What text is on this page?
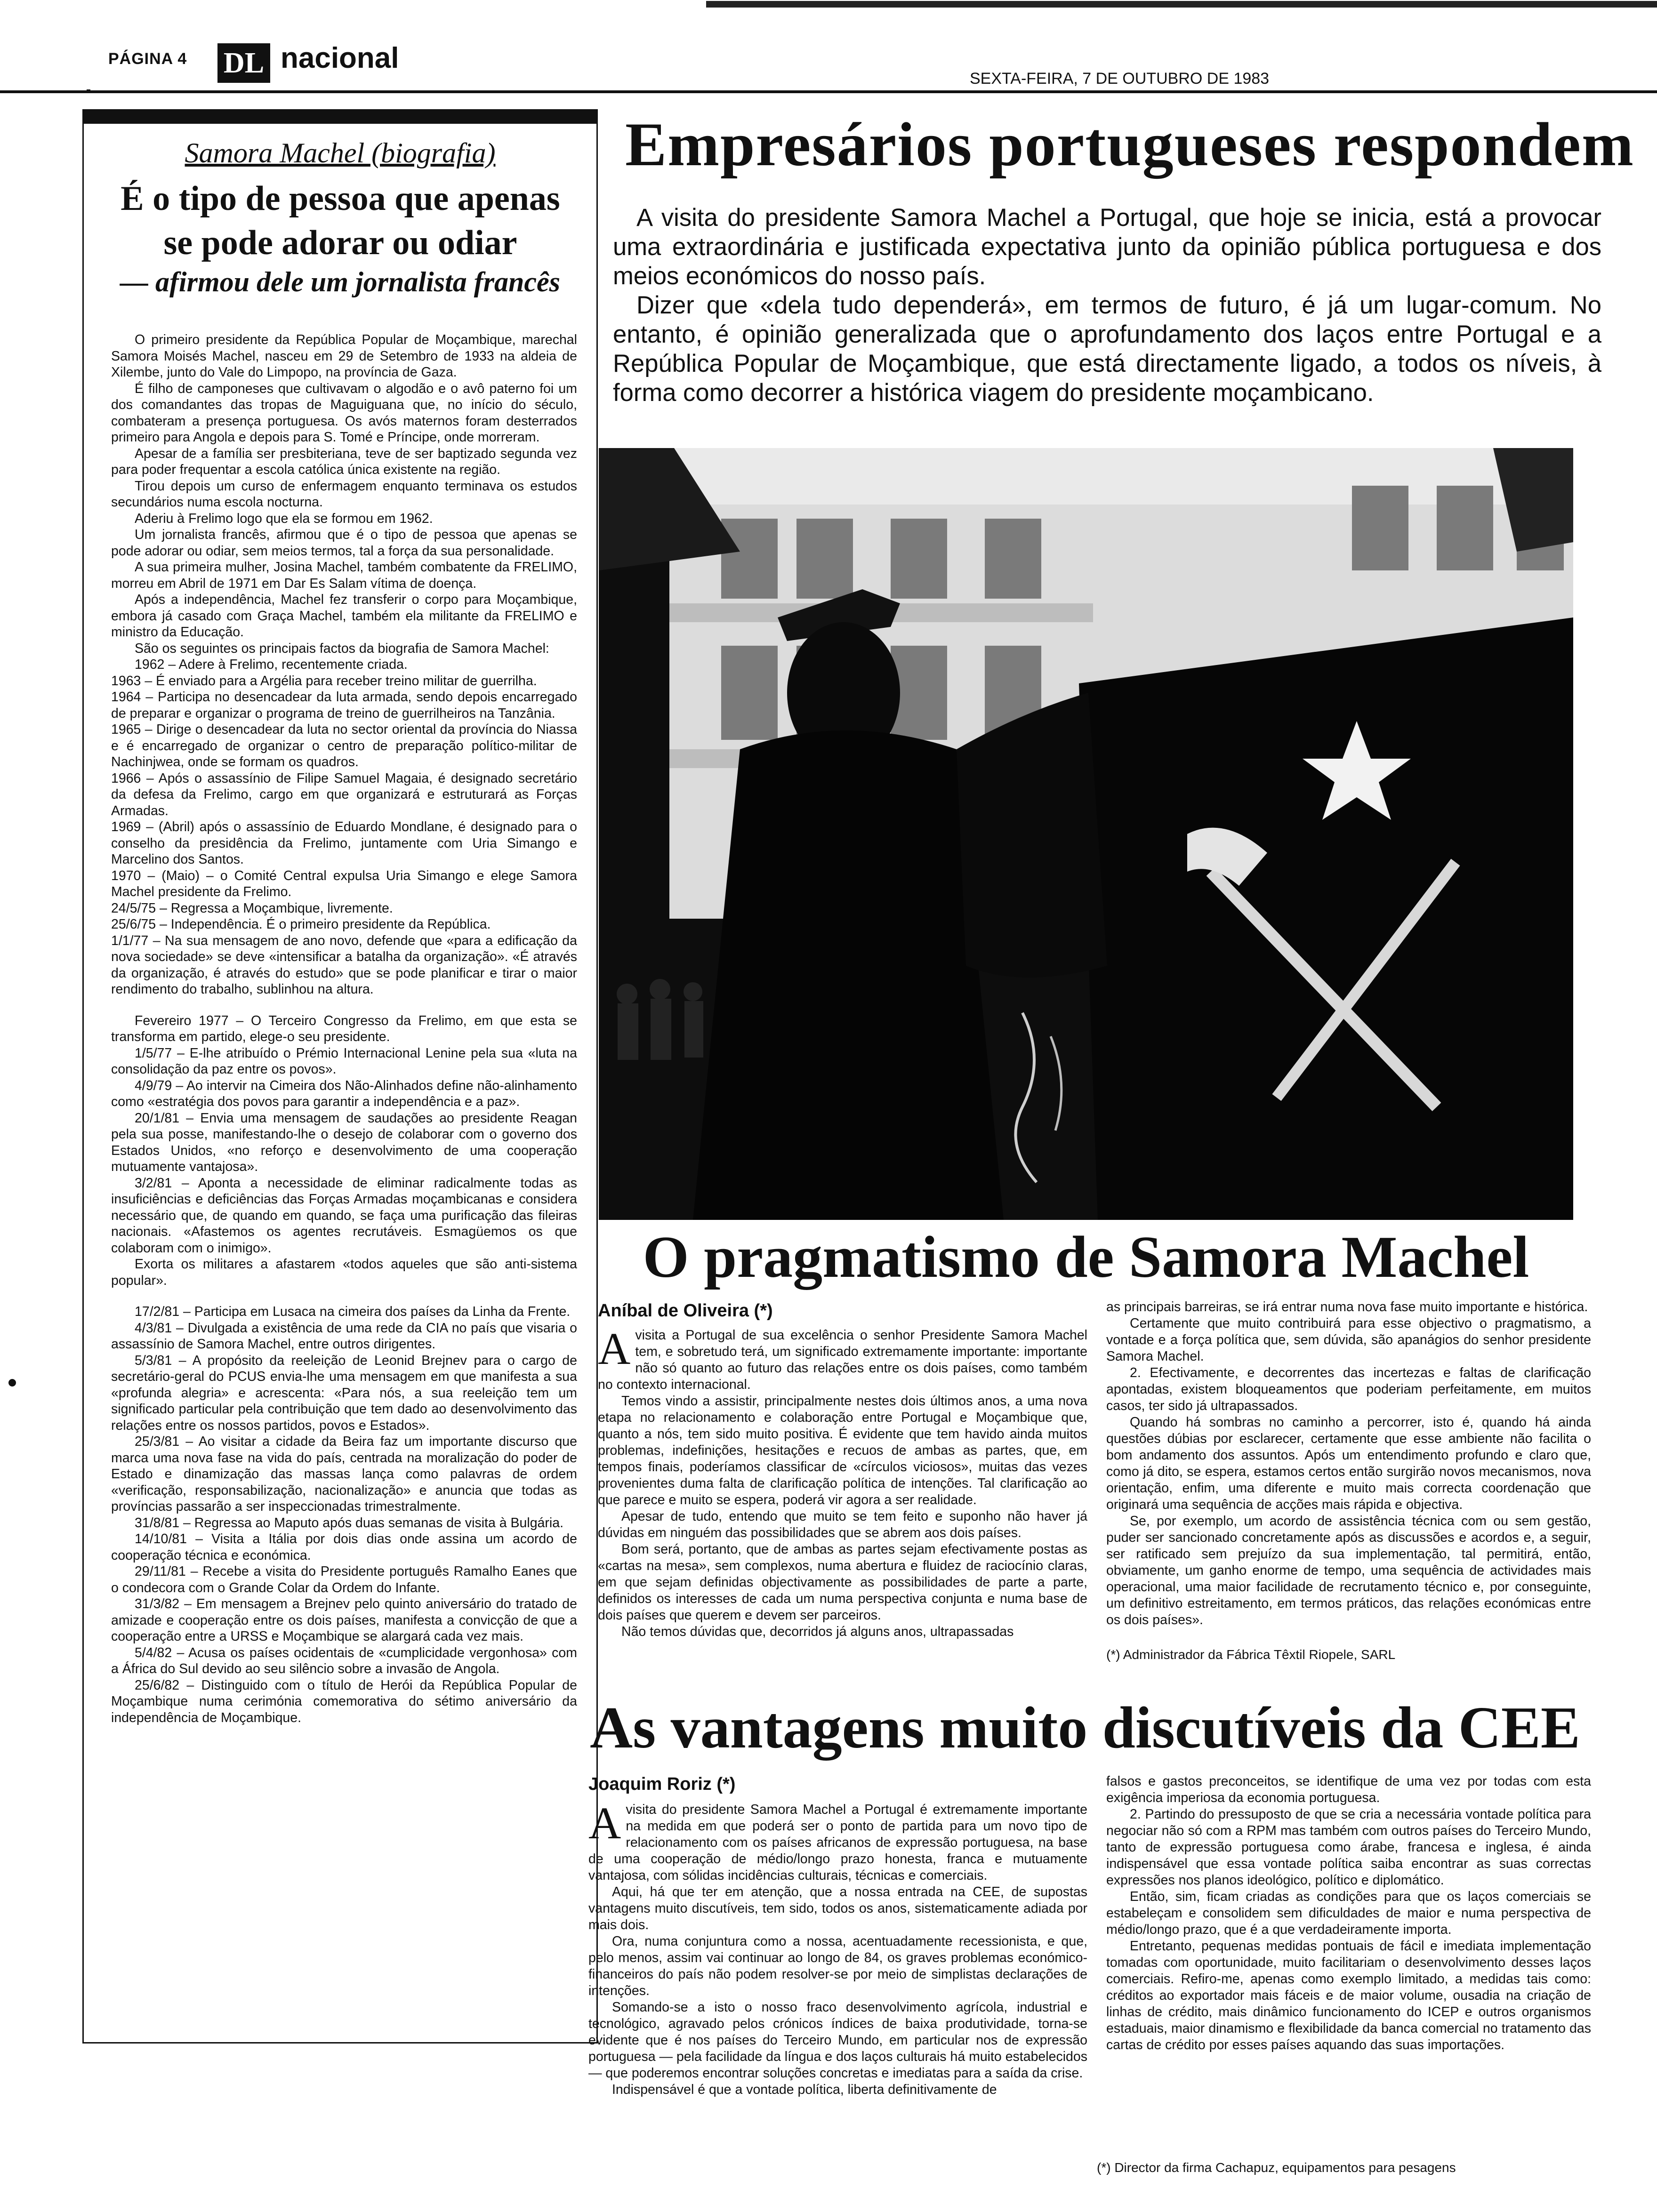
PÁGINA 4 DL nacional
SEXTA-FEIRA, 7 DE OUTUBRO DE 1983
Samora Machel (biografia)
É o tipo de pessoa que apenas se pode adorar ou odiar
— afirmou dele um jornalista francês

O primeiro presidente da República Popular de Moçambique, marechal Samora Moisés Machel, nasceu em 29 de Setembro de 1933 na aldeia de Xilembe, junto do Vale do Limpopo, na província de Gaza.

É filho de camponeses que cultivavam o algodão e o avô paterno foi um dos comandantes das tropas de Maguiguana que, no início do século, combateram a presença portuguesa. Os avós maternos foram desterrados primeiro para Angola e depois para S. Tomé e Príncipe, onde morreram.

Apesar de a família ser presbiteriana, teve de ser baptizado segunda vez para poder frequentar a escola católica única existente na região.

Tirou depois um curso de enfermagem enquanto terminava os estudos secundários numa escola nocturna.

Aderiu à Frelimo logo que ela se formou em 1962.

Um jornalista francês, afirmou que é o tipo de pessoa que apenas se pode adorar ou odiar, sem meios termos, tal a força da sua personalidade.

A sua primeira mulher, Josina Machel, também combatente da FRELIMO, morreu em Abril de 1971 em Dar Es Salam vítima de doença.

Após a independência, Machel fez transferir o corpo para Moçambique, embora já casado com Graça Machel, também ela militante da FRELIMO e ministro da Educação.

São os seguintes os principais factos da biografia de Samora Machel:

1962 – Adere à Frelimo, recentemente criada.

1963 – É enviado para a Argélia para receber treino militar de guerrilha.

1964 – Participa no desencadear da luta armada, sendo depois encarregado de preparar e organizar o programa de treino de guerrilheiros na Tanzânia.

1965 – Dirige o desencadear da luta no sector oriental da província do Niassa e é encarregado de organizar o centro de preparação político-militar de Nachinjwea, onde se formam os quadros.

1966 – Após o assassínio de Filipe Samuel Magaia, é designado secretário da defesa da Frelimo, cargo em que organizará e estruturará as Forças Armadas.

1969 – (Abril) após o assassínio de Eduardo Mondlane, é designado para o conselho da presidência da Frelimo, juntamente com Uria Simango e Marcelino dos Santos.

1970 – (Maio) – o Comité Central expulsa Uria Simango e elege Samora Machel presidente da Frelimo.

24/5/75 – Regressa a Moçambique, livremente.

25/6/75 – Independência. É o primeiro presidente da República.

1/1/77 – Na sua mensagem de ano novo, defende que «para a edificação da nova sociedade» se deve «intensificar a batalha da organização». «É através da organização, é através do estudo» que se pode planificar e tirar o maior rendimento do trabalho, sublinhou na altura.

Fevereiro 1977 – O Terceiro Congresso da Frelimo, em que esta se transforma em partido, elege-o seu presidente.

1/5/77 – E-lhe atribuído o Prémio Internacional Lenine pela sua «luta na consolidação da paz entre os povos».

4/9/79 – Ao intervir na Cimeira dos Não-Alinhados define não-alinhamento como «estratégia dos povos para garantir a independência e a paz».

20/1/81 – Envia uma mensagem de saudações ao presidente Reagan pela sua posse, manifestando-lhe o desejo de colaborar com o governo dos Estados Unidos, «no reforço e desenvolvimento de uma cooperação mutuamente vantajosa».

3/2/81 – Aponta a necessidade de eliminar radicalmente todas as insuficiências e deficiências das Forças Armadas moçambicanas e considera necessário que, de quando em quando, se faça uma purificação das fileiras nacionais. «Afastemos os agentes recrutáveis. Esmagüemos os que colaboram com o inimigo».

Exorta os militares a afastarem «todos aqueles que são anti-sistema popular».

17/2/81 – Participa em Lusaca na cimeira dos países da Linha da Frente.

4/3/81 – Divulgada a existência de uma rede da CIA no país que visaria o assassínio de Samora Machel, entre outros dirigentes.

5/3/81 – A propósito da reeleição de Leonid Brejnev para o cargo de secretário-geral do PCUS envia-lhe uma mensagem em que manifesta a sua «profunda alegria» e acrescenta: «Para nós, a sua reeleição tem um significado particular pela contribuição que tem dado ao desenvolvimento das relações entre os nossos partidos, povos e Estados».

25/3/81 – Ao visitar a cidade da Beira faz um importante discurso que marca uma nova fase na vida do país, centrada na moralização do poder de Estado e dinamização das massas lança como palavras de ordem «verificação, responsabilização, nacionalização» e anuncia que todas as províncias passarão a ser inspeccionadas trimestralmente.

31/8/81 – Regressa ao Maputo após duas semanas de visita à Bulgária.

14/10/81 – Visita a Itália por dois dias onde assina um acordo de cooperação técnica e económica.

29/11/81 – Recebe a visita do Presidente português Ramalho Eanes que o condecora com o Grande Colar da Ordem do Infante.

31/3/82 – Em mensagem a Brejnev pelo quinto aniversário do tratado de amizade e cooperação entre os dois países, manifesta a convicção de que a cooperação entre a URSS e Moçambique se alargará cada vez mais.

5/4/82 – Acusa os países ocidentais de «cumplicidade vergonhosa» com a África do Sul devido ao seu silêncio sobre a invasão de Angola.

25/6/82 – Distinguido com o título de Herói da República Popular de Moçambique numa cerimónia comemorativa do sétimo aniversário da independência de Moçambique.

Empresários portugueses respondem

A visita do presidente Samora Machel a Portugal, que hoje se inicia, está a provocar uma extraordinária e justificada expectativa junto da opinião pública portuguesa e dos meios económicos do nosso país.

Dizer que «dela tudo dependerá», em termos de futuro, é já um lugar-comum. No entanto, é opinião generalizada que o aprofundamento dos laços entre Portugal e a República Popular de Moçambique, que está directamente ligado, a todos os níveis, à forma como decorrer a histórica viagem do presidente moçambicano.

O pragmatismo de Samora Machel
Aníbal de Oliveira (*)
A visita a Portugal de sua excelência o senhor Presidente Samora Machel tem, e sobretudo terá, um significado extremamente importante: importante não só quanto ao futuro das relações entre os dois países, como também no contexto internacional.

Temos vindo a assistir, principalmente nestes dois últimos anos, a uma nova etapa no relacionamento e colaboração entre Portugal e Moçambique que, quanto a nós, tem sido muito positiva. É evidente que tem havido ainda muitos problemas, indefinições, hesitações e recuos de ambas as partes, que, em tempos finais, poderíamos classificar de «círculos viciosos», muitas das vezes provenientes duma falta de clarificação política de intenções. Tal clarificação ao que parece e muito se espera, poderá vir agora a ser realidade.

Apesar de tudo, entendo que muito se tem feito e suponho não haver já dúvidas em ninguém das possibilidades que se abrem aos dois países.

Bom será, portanto, que de ambas as partes sejam efectivamente postas as «cartas na mesa», sem complexos, numa abertura e fluidez de raciocínio claras, em que sejam definidas objectivamente as possibilidades de parte a parte, definidos os interesses de cada um numa perspectiva conjunta e numa base de dois países que querem e devem ser parceiros.

Não temos dúvidas que, decorridos já alguns anos, ultrapassadas

as principais barreiras, se irá entrar numa nova fase muito importante e histórica.

Certamente que muito contribuirá para esse objectivo o pragmatismo, a vontade e a força política que, sem dúvida, são apanágios do senhor presidente Samora Machel.

2. Efectivamente, e decorrentes das incertezas e faltas de clarificação apontadas, existem bloqueamentos que poderiam perfeitamente, em muitos casos, ter sido já ultrapassados.

Quando há sombras no caminho a percorrer, isto é, quando há ainda questões dúbias por esclarecer, certamente que esse ambiente não facilita o bom andamento dos assuntos. Após um entendimento profundo e claro que, como já dito, se espera, estamos certos então surgirão novos mecanismos, nova orientação, enfim, uma diferente e muito mais correcta coordenação que originará uma sequência de acções mais rápida e objectiva.

Se, por exemplo, um acordo de assistência técnica com ou sem gestão, puder ser sancionado concretamente após as discussões e acordos e, a seguir, ser ratificado sem prejuízo da sua implementação, tal permitirá, então, obviamente, um ganho enorme de tempo, uma sequência de actividades mais operacional, uma maior facilidade de recrutamento técnico e, por conseguinte, um definitivo estreitamento, em termos práticos, das relações económicas entre os dois países».

(*) Administrador da Fábrica Têxtil Riopele, SARL
As vantagens muito discutíveis da CEE
Joaquim Roriz (*)
A visita do presidente Samora Machel a Portugal é extremamente importante na medida em que poderá ser o ponto de partida para um novo tipo de relacionamento com os países africanos de expressão portuguesa, na base de uma cooperação de médio/longo prazo honesta, franca e mutuamente vantajosa, com sólidas incidências culturais, técnicas e comerciais.

Aqui, há que ter em atenção, que a nossa entrada na CEE, de supostas vantagens muito discutíveis, tem sido, todos os anos, sistematicamente adiada por mais dois.

Ora, numa conjuntura como a nossa, acentuadamente recessionista, e que, pelo menos, assim vai continuar ao longo de 84, os graves problemas económico-financeiros do país não podem resolver-se por meio de simplistas declarações de intenções.

Somando-se a isto o nosso fraco desenvolvimento agrícola, industrial e tecnológico, agravado pelos crónicos índices de baixa produtividade, torna-se evidente que é nos países do Terceiro Mundo, em particular nos de expressão portuguesa — pela facilidade da língua e dos laços culturais há muito estabelecidos — que poderemos encontrar soluções concretas e imediatas para a saída da crise.

Indispensável é que a vontade política, liberta definitivamente de

falsos e gastos preconceitos, se identifique de uma vez por todas com esta exigência imperiosa da economia portuguesa.

2. Partindo do pressuposto de que se cria a necessária vontade política para negociar não só com a RPM mas também com outros países do Terceiro Mundo, tanto de expressão portuguesa como árabe, francesa e inglesa, é ainda indispensável que essa vontade política saiba encontrar as suas correctas expressões nos planos ideológico, político e diplomático.

Então, sim, ficam criadas as condições para que os laços comerciais se estabeleçam e consolidem sem dificuldades de maior e numa perspectiva de médio/longo prazo, que é a que verdadeiramente importa.

Entretanto, pequenas medidas pontuais de fácil e imediata implementação tomadas com oportunidade, muito facilitariam o desenvolvimento desses laços comerciais. Refiro-me, apenas como exemplo limitado, a medidas tais como: créditos ao exportador mais fáceis e de maior volume, ousadia na criação de linhas de crédito, mais dinâmico funcionamento do ICEP e outros organismos estaduais, maior dinamismo e flexibilidade da banca comercial no tratamento das cartas de crédito por esses países aquando das suas importações.

(*) Director da firma Cachapuz, equipamentos para pesagens
